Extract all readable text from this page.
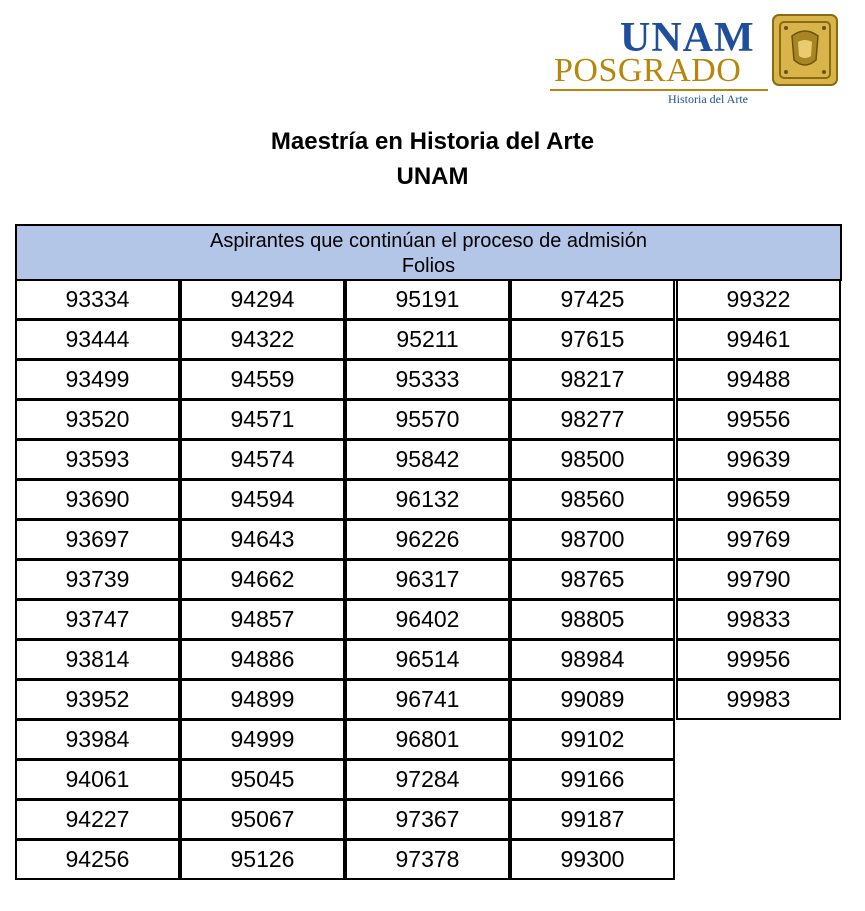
UNAM
POSGRADO
Historia del Arte
Maestría en Historia del Arte
UNAM
Aspirantes que continúan el proceso de admisión
Folios
93334
93444
93499
93520
93593
93690
93697
93739
93747
93814
93952
93984
94061
94227
94256
94294
94322
94559
94571
94574
94594
94643
94662
94857
94886
94899
94999
95045
95067
95126
95191
95211
95333
95570
95842
96132
96226
96317
96402
96514
96741
96801
97284
97367
97378
97425
97615
98217
98277
98500
98560
98700
98765
98805
98984
99089
99102
99166
99187
99300
99322
99461
99488
99556
99639
99659
99769
99790
99833
99956
99983
